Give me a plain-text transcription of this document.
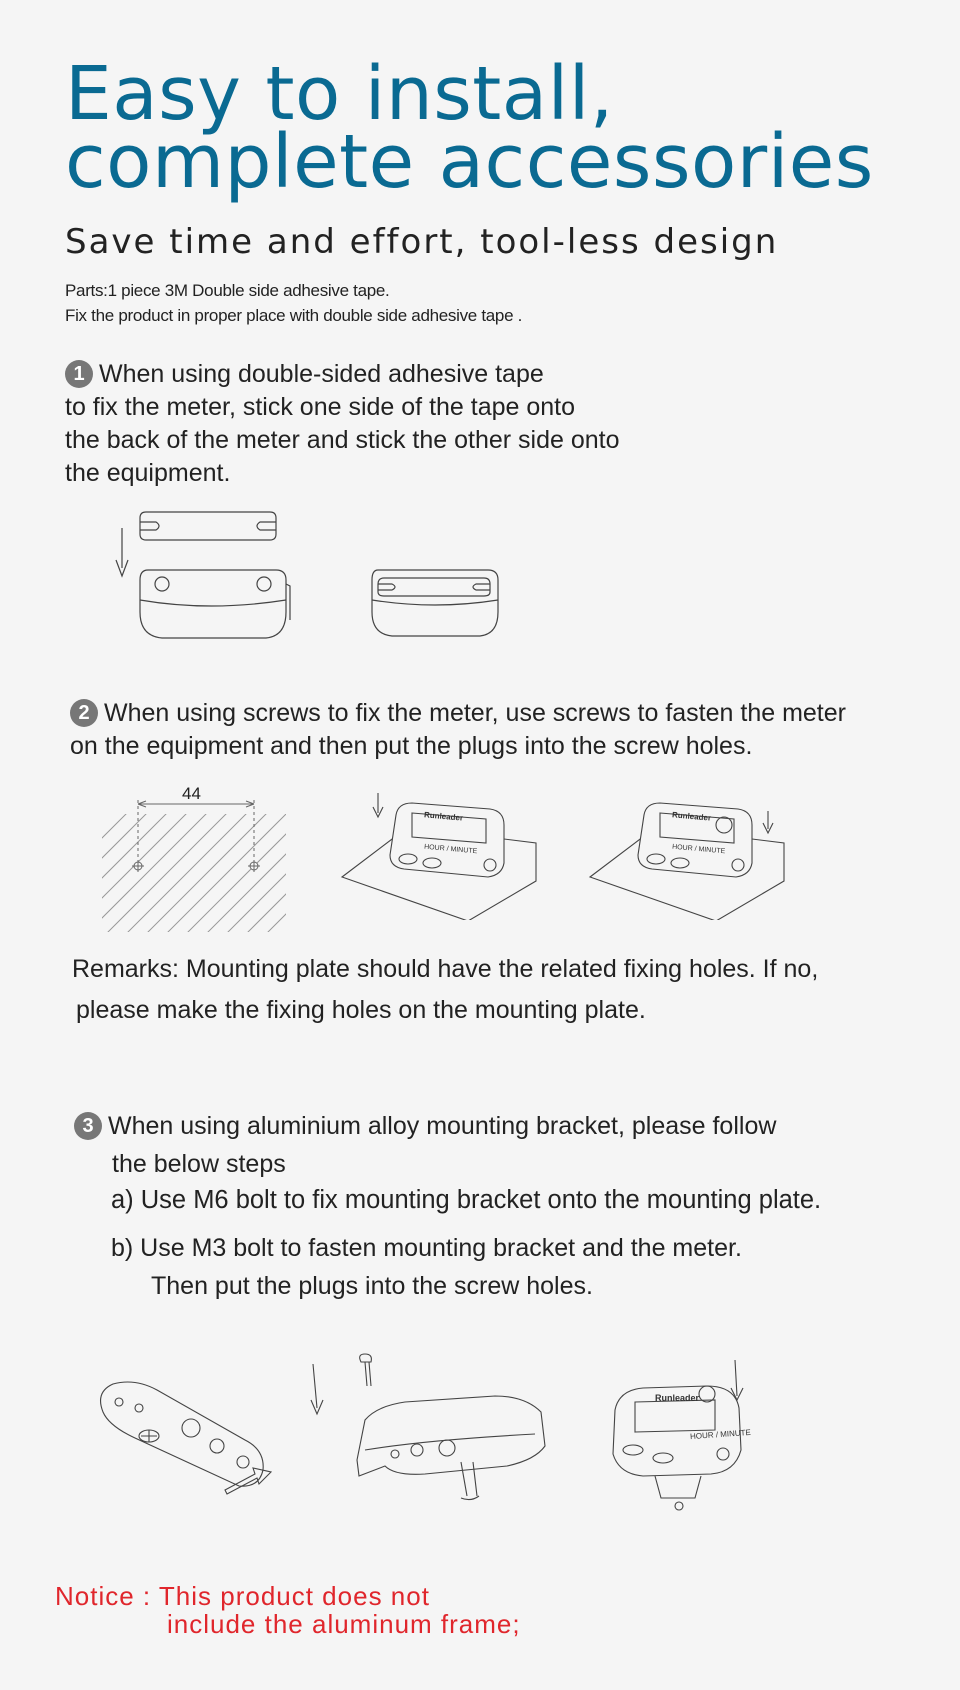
Easy to install, complete accessories
Save time and effort, tool-less design
Parts:1 piece 3M Double side adhesive tape.
Fix the product in proper place with double side adhesive tape .
1 When using double-sided adhesive tape
to fix the meter, stick one side of the tape onto
the back of the meter and stick the other side onto
the equipment.
2 When using screws to fix the meter, use screws to fasten the meter
on the equipment and then put the plugs into the screw holes.
44
Runleader
HOUR / MINUTE
Runleader
HOUR / MINUTE
Remarks: Mounting plate should have the related fixing holes. If no,
please make the fixing holes on the mounting plate.
3 When using aluminium alloy mounting bracket, please follow
the below steps
a) Use M6 bolt to fix mounting bracket onto the mounting plate.
b) Use M3 bolt to fasten mounting bracket and the meter.
Then put the plugs into the screw holes.
Runleader
HOUR / MINUTE
Notice : This product does not
include the aluminum frame;
